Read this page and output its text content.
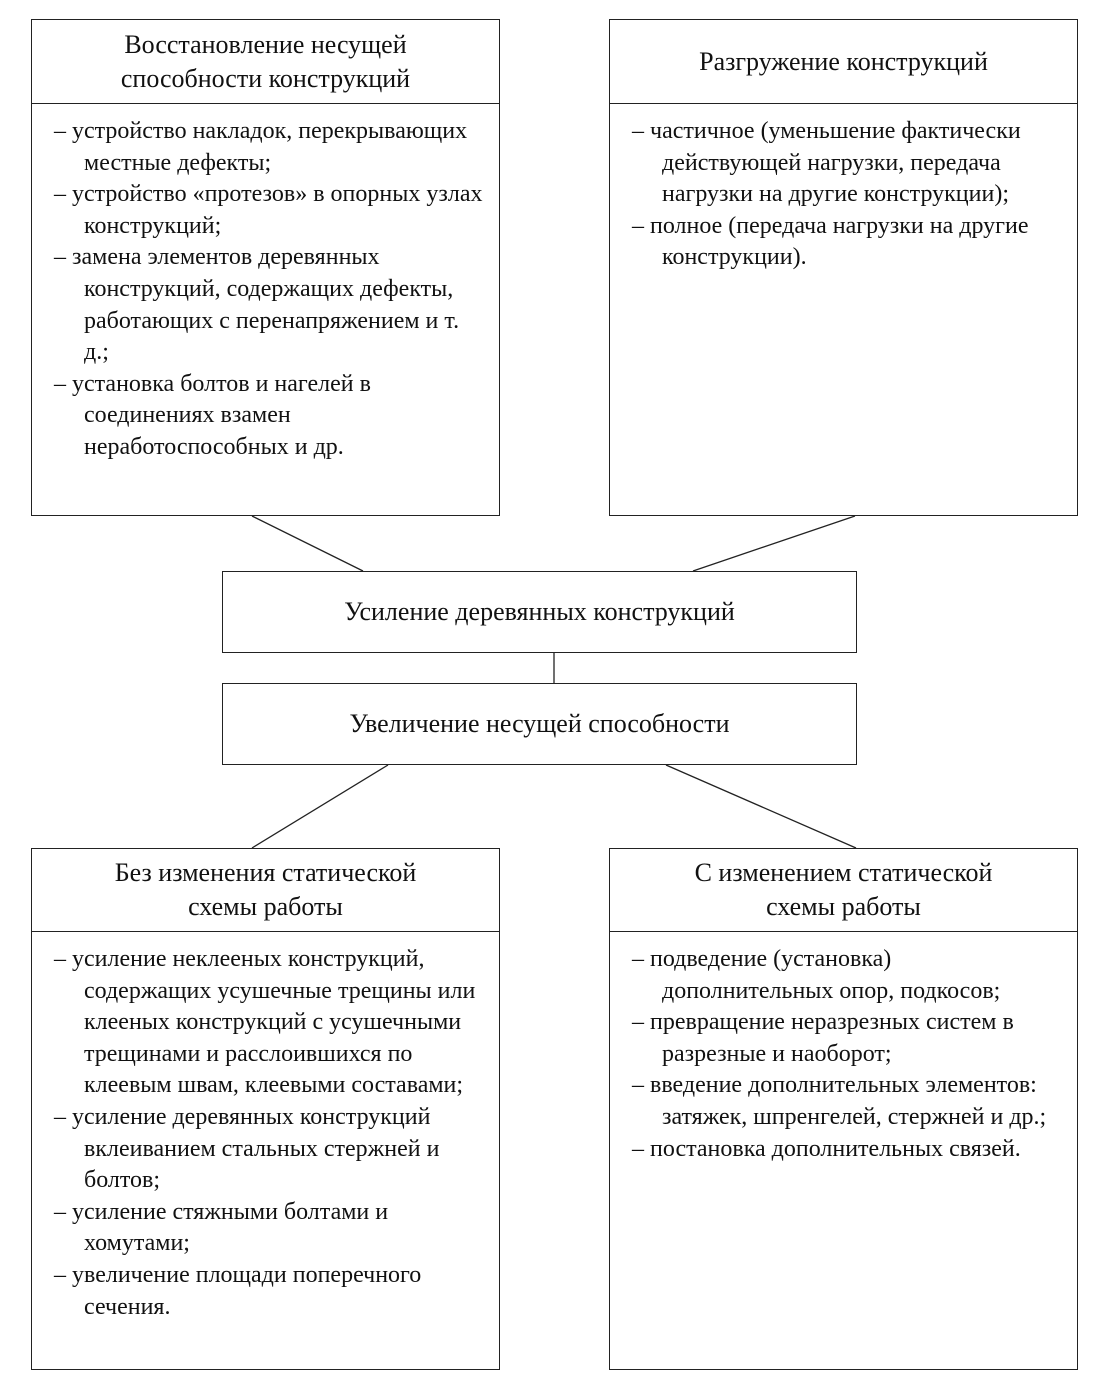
Восстановление несущей
способности конструкций
– устройство накладок, перекрывающих местные дефекты;
– устройство «протезов» в опорных узлах конструкций;
– замена элементов деревянных конструкций, содержащих дефекты, работающих с перенапряжением и т. д.;
– установка болтов и нагелей в соединениях взамен неработоспособных и др.
Разгружение конструкций
– частичное (уменьшение фактически действующей нагрузки, передача нагрузки на другие конструкции);
– полное (передача нагрузки на другие конструкции).
Усиление деревянных конструкций
Увеличение несущей способности
Без изменения статической
схемы работы
– усиление неклееных конструкций, содержащих усушечные трещины или клееных конструкций с усушечными трещинами и расслоившихся по клеевым швам, клеевыми составами;
– усиление деревянных конструкций вклеиванием стальных стержней и болтов;
– усиление стяжными болтами и хомутами;
– увеличение площади поперечного сечения.
С изменением статической
схемы работы
– подведение (установка) дополнительных опор, подкосов;
– превращение неразрезных систем в разрезные и наоборот;
– введение дополнительных элементов: затяжек, шпренгелей, стержней и др.;
– постановка дополнительных связей.
